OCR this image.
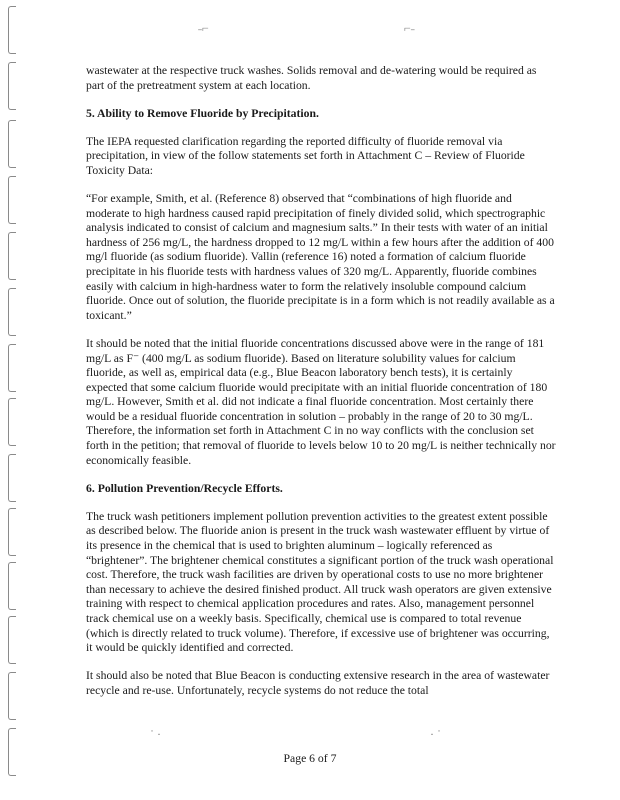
˗⌐	⌐˗
˙ ·	· ˙

wastewater at the respective truck washes. Solids removal and de-watering would be required as part of the pretreatment system at each location.

5. Ability to Remove Fluoride by Precipitation.

The IEPA requested clarification regarding the reported difficulty of fluoride removal via precipitation, in view of the follow statements set forth in Attachment C – Review of Fluoride Toxicity Data:

“For example, Smith, et al. (Reference 8) observed that “combinations of high fluoride and moderate to high hardness caused rapid precipitation of finely divided solid, which spectrographic analysis indicated to consist of calcium and magnesium salts.” In their tests with water of an initial hardness of 256 mg/L, the hardness dropped to 12 mg/L within a few hours after the addition of 400 mg/l fluoride (as sodium fluoride). Vallin (reference 16) noted a formation of calcium fluoride precipitate in his fluoride tests with hardness values of 320 mg/L. Apparently, fluoride combines easily with calcium in high-hardness water to form the relatively insoluble compound calcium fluoride. Once out of solution, the fluoride precipitate is in a form which is not readily available as a toxicant.”

It should be noted that the initial fluoride concentrations discussed above were in the range of 181 mg/L as F⁻ (400 mg/L as sodium fluoride). Based on literature solubility values for calcium fluoride, as well as, empirical data (e.g., Blue Beacon laboratory bench tests), it is certainly expected that some calcium fluoride would precipitate with an initial fluoride concentration of 180 mg/L. However, Smith et al. did not indicate a final fluoride concentration. Most certainly there would be a residual fluoride concentration in solution – probably in the range of 20 to 30 mg/L. Therefore, the information set forth in Attachment C in no way conflicts with the conclusion set forth in the petition; that removal of fluoride to levels below 10 to 20 mg/L is neither technically nor economically feasible.

6. Pollution Prevention/Recycle Efforts.

The truck wash petitioners implement pollution prevention activities to the greatest extent possible as described below. The fluoride anion is present in the truck wash wastewater effluent by virtue of its presence in the chemical that is used to brighten aluminum – logically referenced as “brightener”. The brightener chemical constitutes a significant portion of the truck wash operational cost. Therefore, the truck wash facilities are driven by operational costs to use no more brightener than necessary to achieve the desired finished product. All truck wash operators are given extensive training with respect to chemical application procedures and rates. Also, management personnel track chemical use on a weekly basis. Specifically, chemical use is compared to total revenue (which is directly related to truck volume). Therefore, if excessive use of brightener was occurring, it would be quickly identified and corrected.

It should also be noted that Blue Beacon is conducting extensive research in the area of wastewater recycle and re-use. Unfortunately, recycle systems do not reduce the total

Page 6 of 7
